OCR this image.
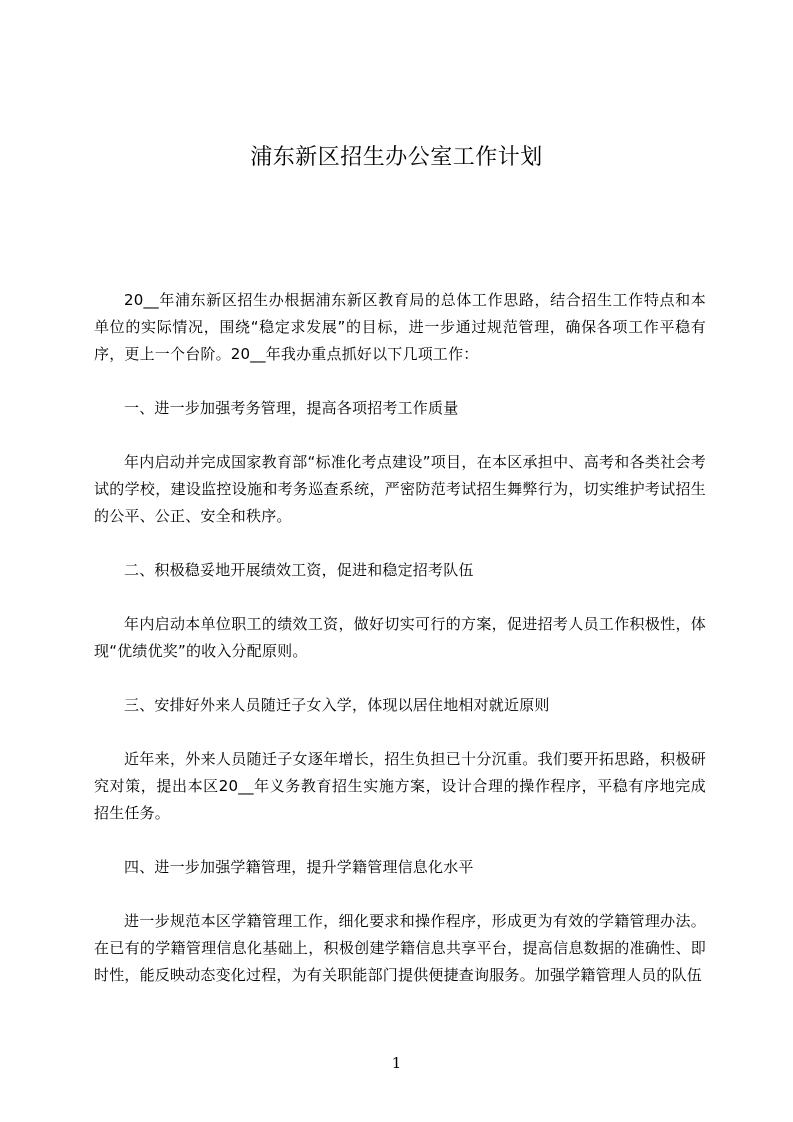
浦东新区招生办公室工作计划

20__年浦东新区招生办根据浦东新区教育局的总体工作思路，结合招生工作特点和本单位的实际情况，围绕“稳定求发展”的目标，进一步通过规范管理，确保各项工作平稳有序，更上一个台阶。20__年我办重点抓好以下几项工作：

一、进一步加强考务管理，提高各项招考工作质量

年内启动并完成国家教育部“标准化考点建设”项目，在本区承担中、高考和各类社会考试的学校，建设监控设施和考务巡查系统，严密防范考试招生舞弊行为，切实维护考试招生的公平、公正、安全和秩序。

二、积极稳妥地开展绩效工资，促进和稳定招考队伍

年内启动本单位职工的绩效工资，做好切实可行的方案，促进招考人员工作积极性，体现“优绩优奖”的收入分配原则。

三、安排好外来人员随迁子女入学，体现以居住地相对就近原则

近年来，外来人员随迁子女逐年增长，招生负担已十分沉重。我们要开拓思路，积极研究对策，提出本区20__年义务教育招生实施方案，设计合理的操作程序，平稳有序地完成招生任务。

四、进一步加强学籍管理，提升学籍管理信息化水平

进一步规范本区学籍管理工作，细化要求和操作程序，形成更为有效的学籍管理办法。在已有的学籍管理信息化基础上，积极创建学籍信息共享平台，提高信息数据的准确性、即时性，能反映动态变化过程，为有关职能部门提供便捷查询服务。加强学籍管理人员的队伍

1
